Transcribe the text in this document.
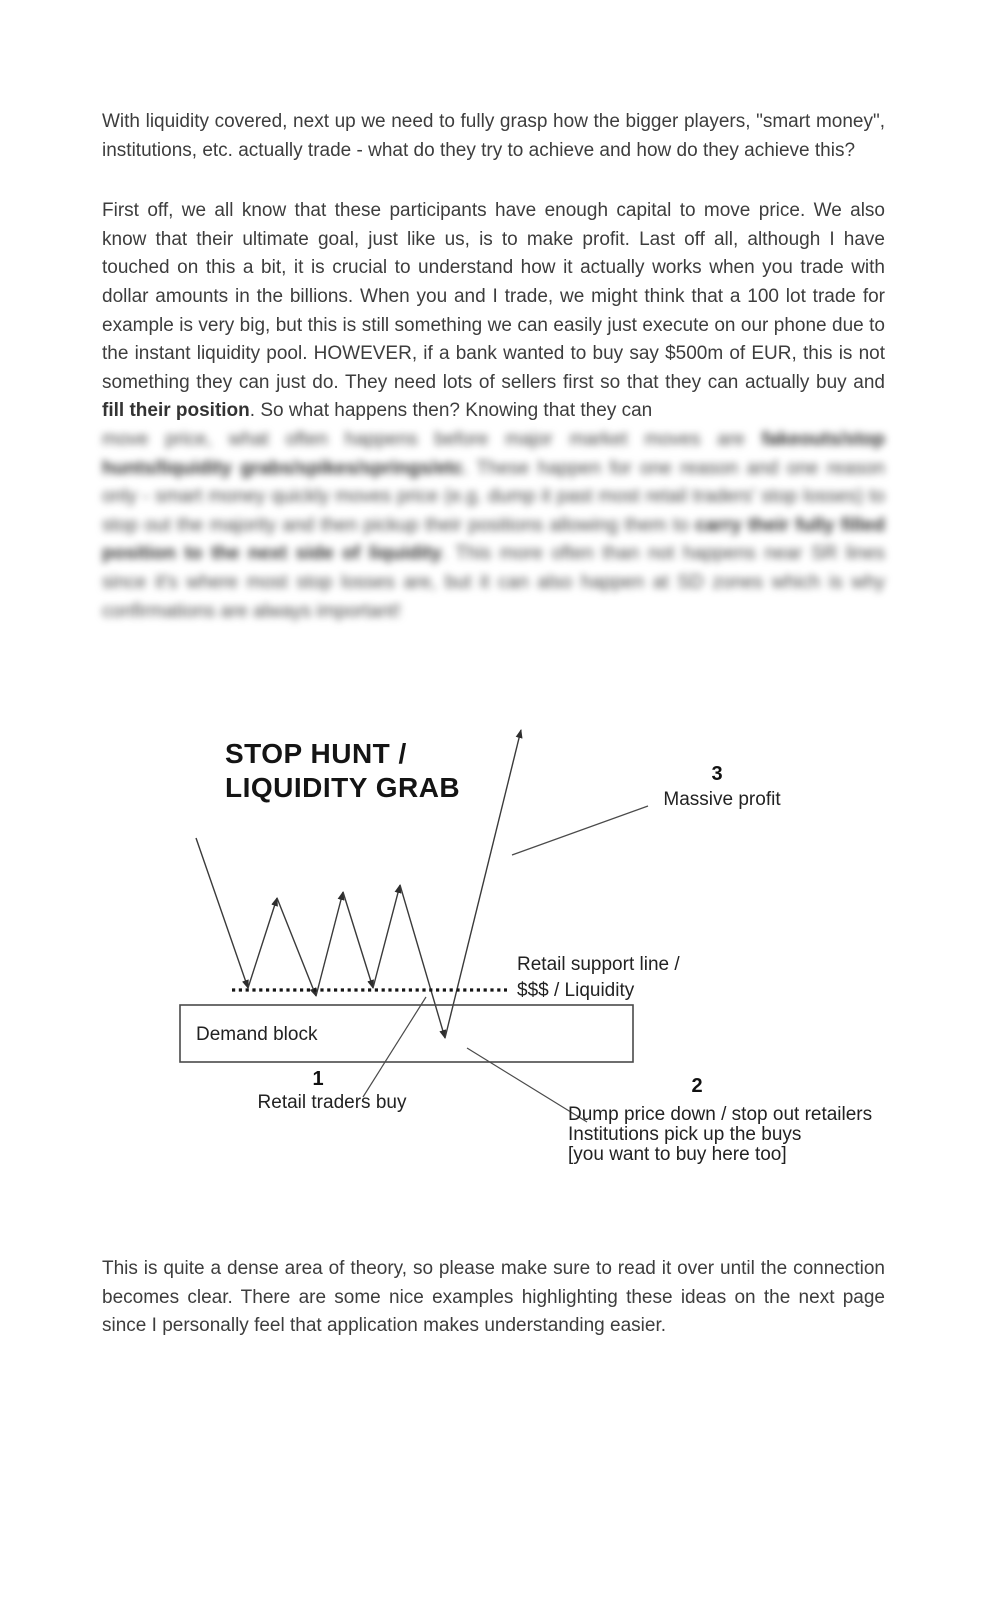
With liquidity covered, next up we need to fully grasp how the bigger players, "smart money", institutions, etc. actually trade - what do they try to achieve and how do they achieve this?

First off, we all know that these participants have enough capital to move price. We also know that their ultimate goal, just like us, is to make profit. Last off all, although I have touched on this a bit, it is crucial to understand how it actually works when you trade with dollar amounts in the billions. When you and I trade, we might think that a 100 lot trade for example is very big, but this is still something we can easily just execute on our phone due to the instant liquidity pool. HOWEVER, if a bank wanted to buy say $500m of EUR, this is not something they can just do. They need lots of sellers first so that they can actually buy and fill their position. So what happens then? Knowing that they can

move price, what often happens before major market moves are fakeouts/stop hunts/liquidity grabs/spikes/springs/etc. These happen for one reason and one reason only - smart money quickly moves price (e.g. dump it past most retail traders' stop losses) to stop out the majority and then pickup their positions allowing them to carry their fully filled position to the next side of liquidity. This more often than not happens near SR lines since it's where most stop losses are, but it can also happen at SD zones which is why confirmations are always important!

STOP HUNT /
LIQUIDITY GRAB
Demand block
3
Massive profit
Retail support line /
$$$ / Liquidity
1
Retail traders buy
2
Dump price down / stop out retailers
Institutions pick up the buys
[you want to buy here too]

This is quite a dense area of theory, so please make sure to read it over until the connection becomes clear. There are some nice examples highlighting these ideas on the next page since I personally feel that application makes understanding easier.
